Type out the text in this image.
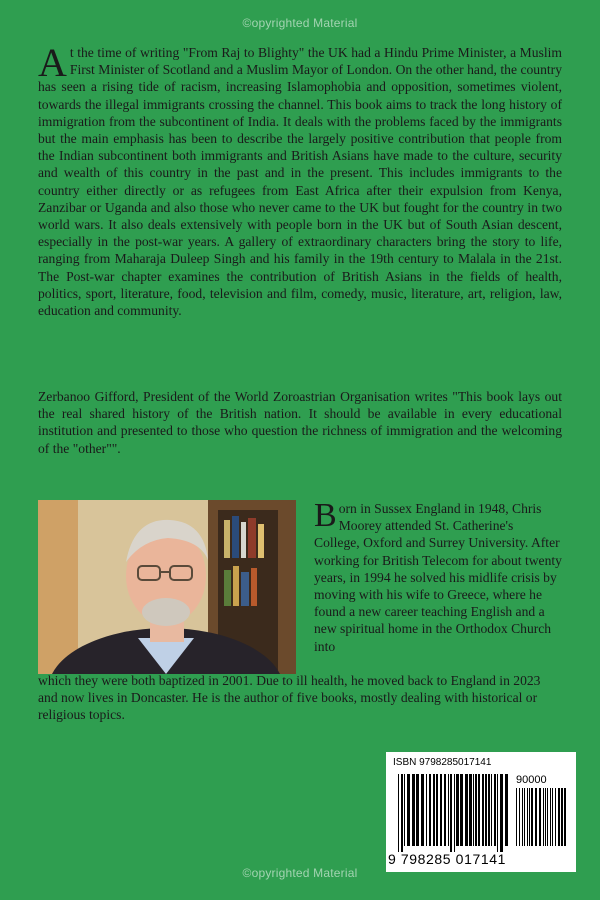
©opyrighted Material

At the time of writing "From Raj to Blighty" the UK had a Hindu Prime Minister, a Muslim First Minister of Scotland and a Muslim Mayor of London. On the other hand, the country has seen a rising tide of racism, increasing Islamophobia and opposition, sometimes violent, towards the illegal immigrants crossing the channel. This book aims to track the long history of immigration from the subcontinent of India. It deals with the problems faced by the immigrants but the main emphasis has been to describe the largely positive contribution that people from the Indian subcontinent both immigrants and British Asians have made to the culture, security and wealth of this country in the past and in the present. This includes immigrants to the country either directly or as refugees from East Africa after their expulsion from Kenya, Zanzibar or Uganda and also those who never came to the UK but fought for the country in two world wars. It also deals extensively with people born in the UK but of South Asian descent, especially in the post-war years. A gallery of extraordinary characters bring the story to life, ranging from Maharaja Duleep Singh and his family in the 19th century to Malala in the 21st. The Post-war chapter examines the contribution of British Asians in the fields of health, politics, sport, literature, food, television and film, comedy, music, literature, art, religion, law, education and community.

Zerbanoo Gifford, President of the World Zoroastrian Organisation writes "This book lays out the real shared history of the British nation. It should be available in every educational institution and presented to those who question the richness of immigration and the welcoming of the "other"".

Born in Sussex England in 1948, Chris Moorey attended St. Catherine's College, Oxford and Surrey University. After working for British Telecom for about twenty years, in 1994 he solved his midlife crisis by moving with his wife to Greece, where he found a new career teaching English and a new spiritual home in the Orthodox Church into

which they were both baptized in 2001. Due to ill health, he moved back to England in 2023 and now lives in Doncaster. He is the author of five books, mostly dealing with historical or religious topics.

ISBN 9798285017141
90000
9 798285 017141
©opyrighted Material
